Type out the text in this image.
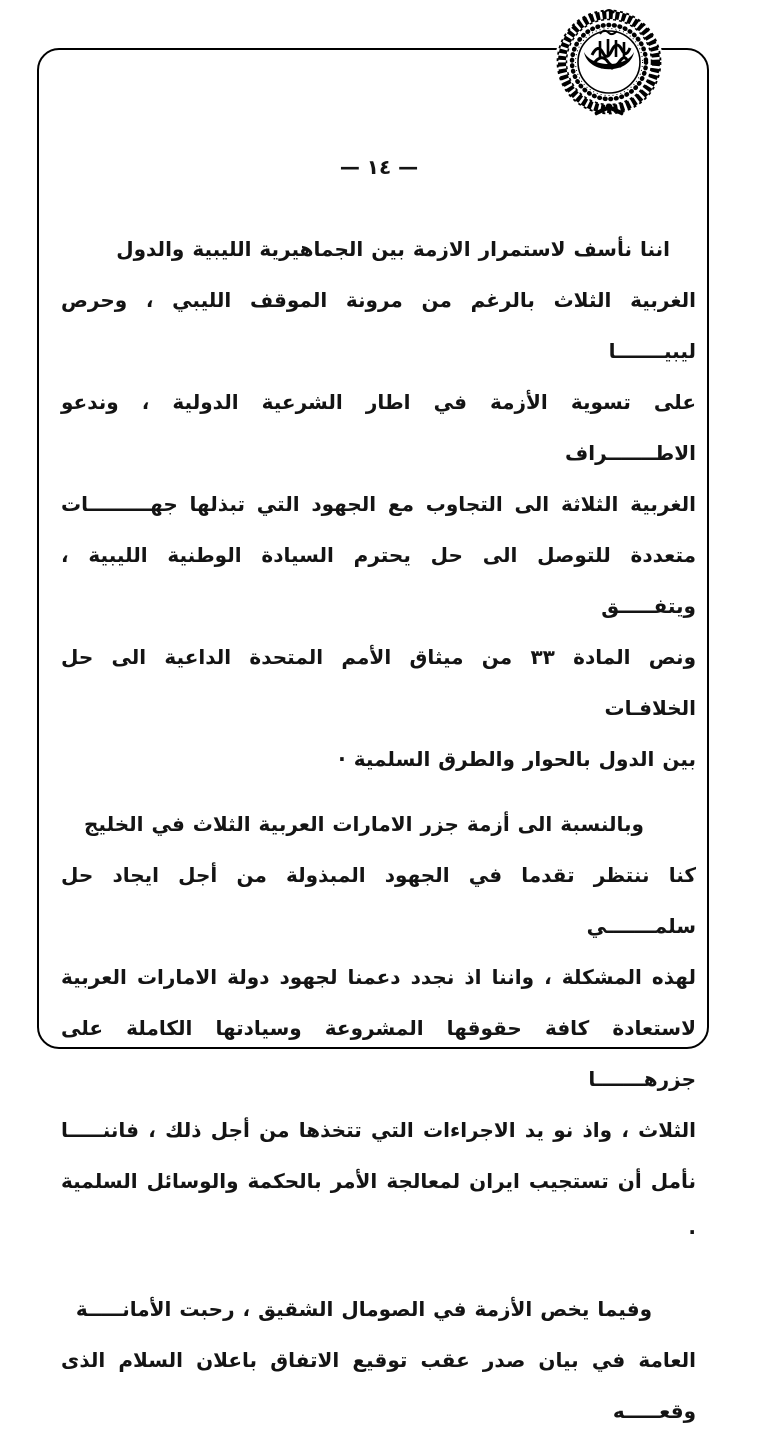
— ١٤ —
اننا نأسف لاستمرار الازمة بين الجماهيرية الليبية والدول
الغربية الثلاث بالرغم من مرونة الموقف الليبي ، وحرص ليبيـــــــا
على تسوية الأزمة في اطار الشرعية الدولية ، وندعو الاطـــــــراف
الغربية الثلاثة الى التجاوب مع الجهود التي تبذلها جهـــــــــات
متعددة للتوصل الى حل يحترم السيادة الوطنية الليبية ، ويتفـــــق
ونص المادة ٣٣ من ميثاق الأمم المتحدة الداعية الى حل الخلافـات
بين الدول بالحوار والطرق السلمية ·
وبالنسبة الى أزمة جزر الامارات العربية الثلاث في الخليج
كنا ننتظر تقدما في الجهود المبذولة من أجل ايجاد حل سلمـــــــي
لهذه المشكلة ، واننا اذ نجدد دعمنا لجهود دولة الامارات العربية
لاستعادة كافة حقوقها المشروعة وسيادتها الكاملة على جزرهـــــــا
الثلاث ، واذ نو يد الاجراءات التي تتخذها من أجل ذلك ، فاننـــــا
نأمل أن تستجيب ايران لمعالجة الأمر بالحكمة والوسائل السلمية ·
وفيما يخص الأزمة في الصومال الشقيق ، رحبت الأمانـــــة
العامة في بيان صدر عقب توقيع الاتفاق باعلان السلام الذى وقعـــــه
